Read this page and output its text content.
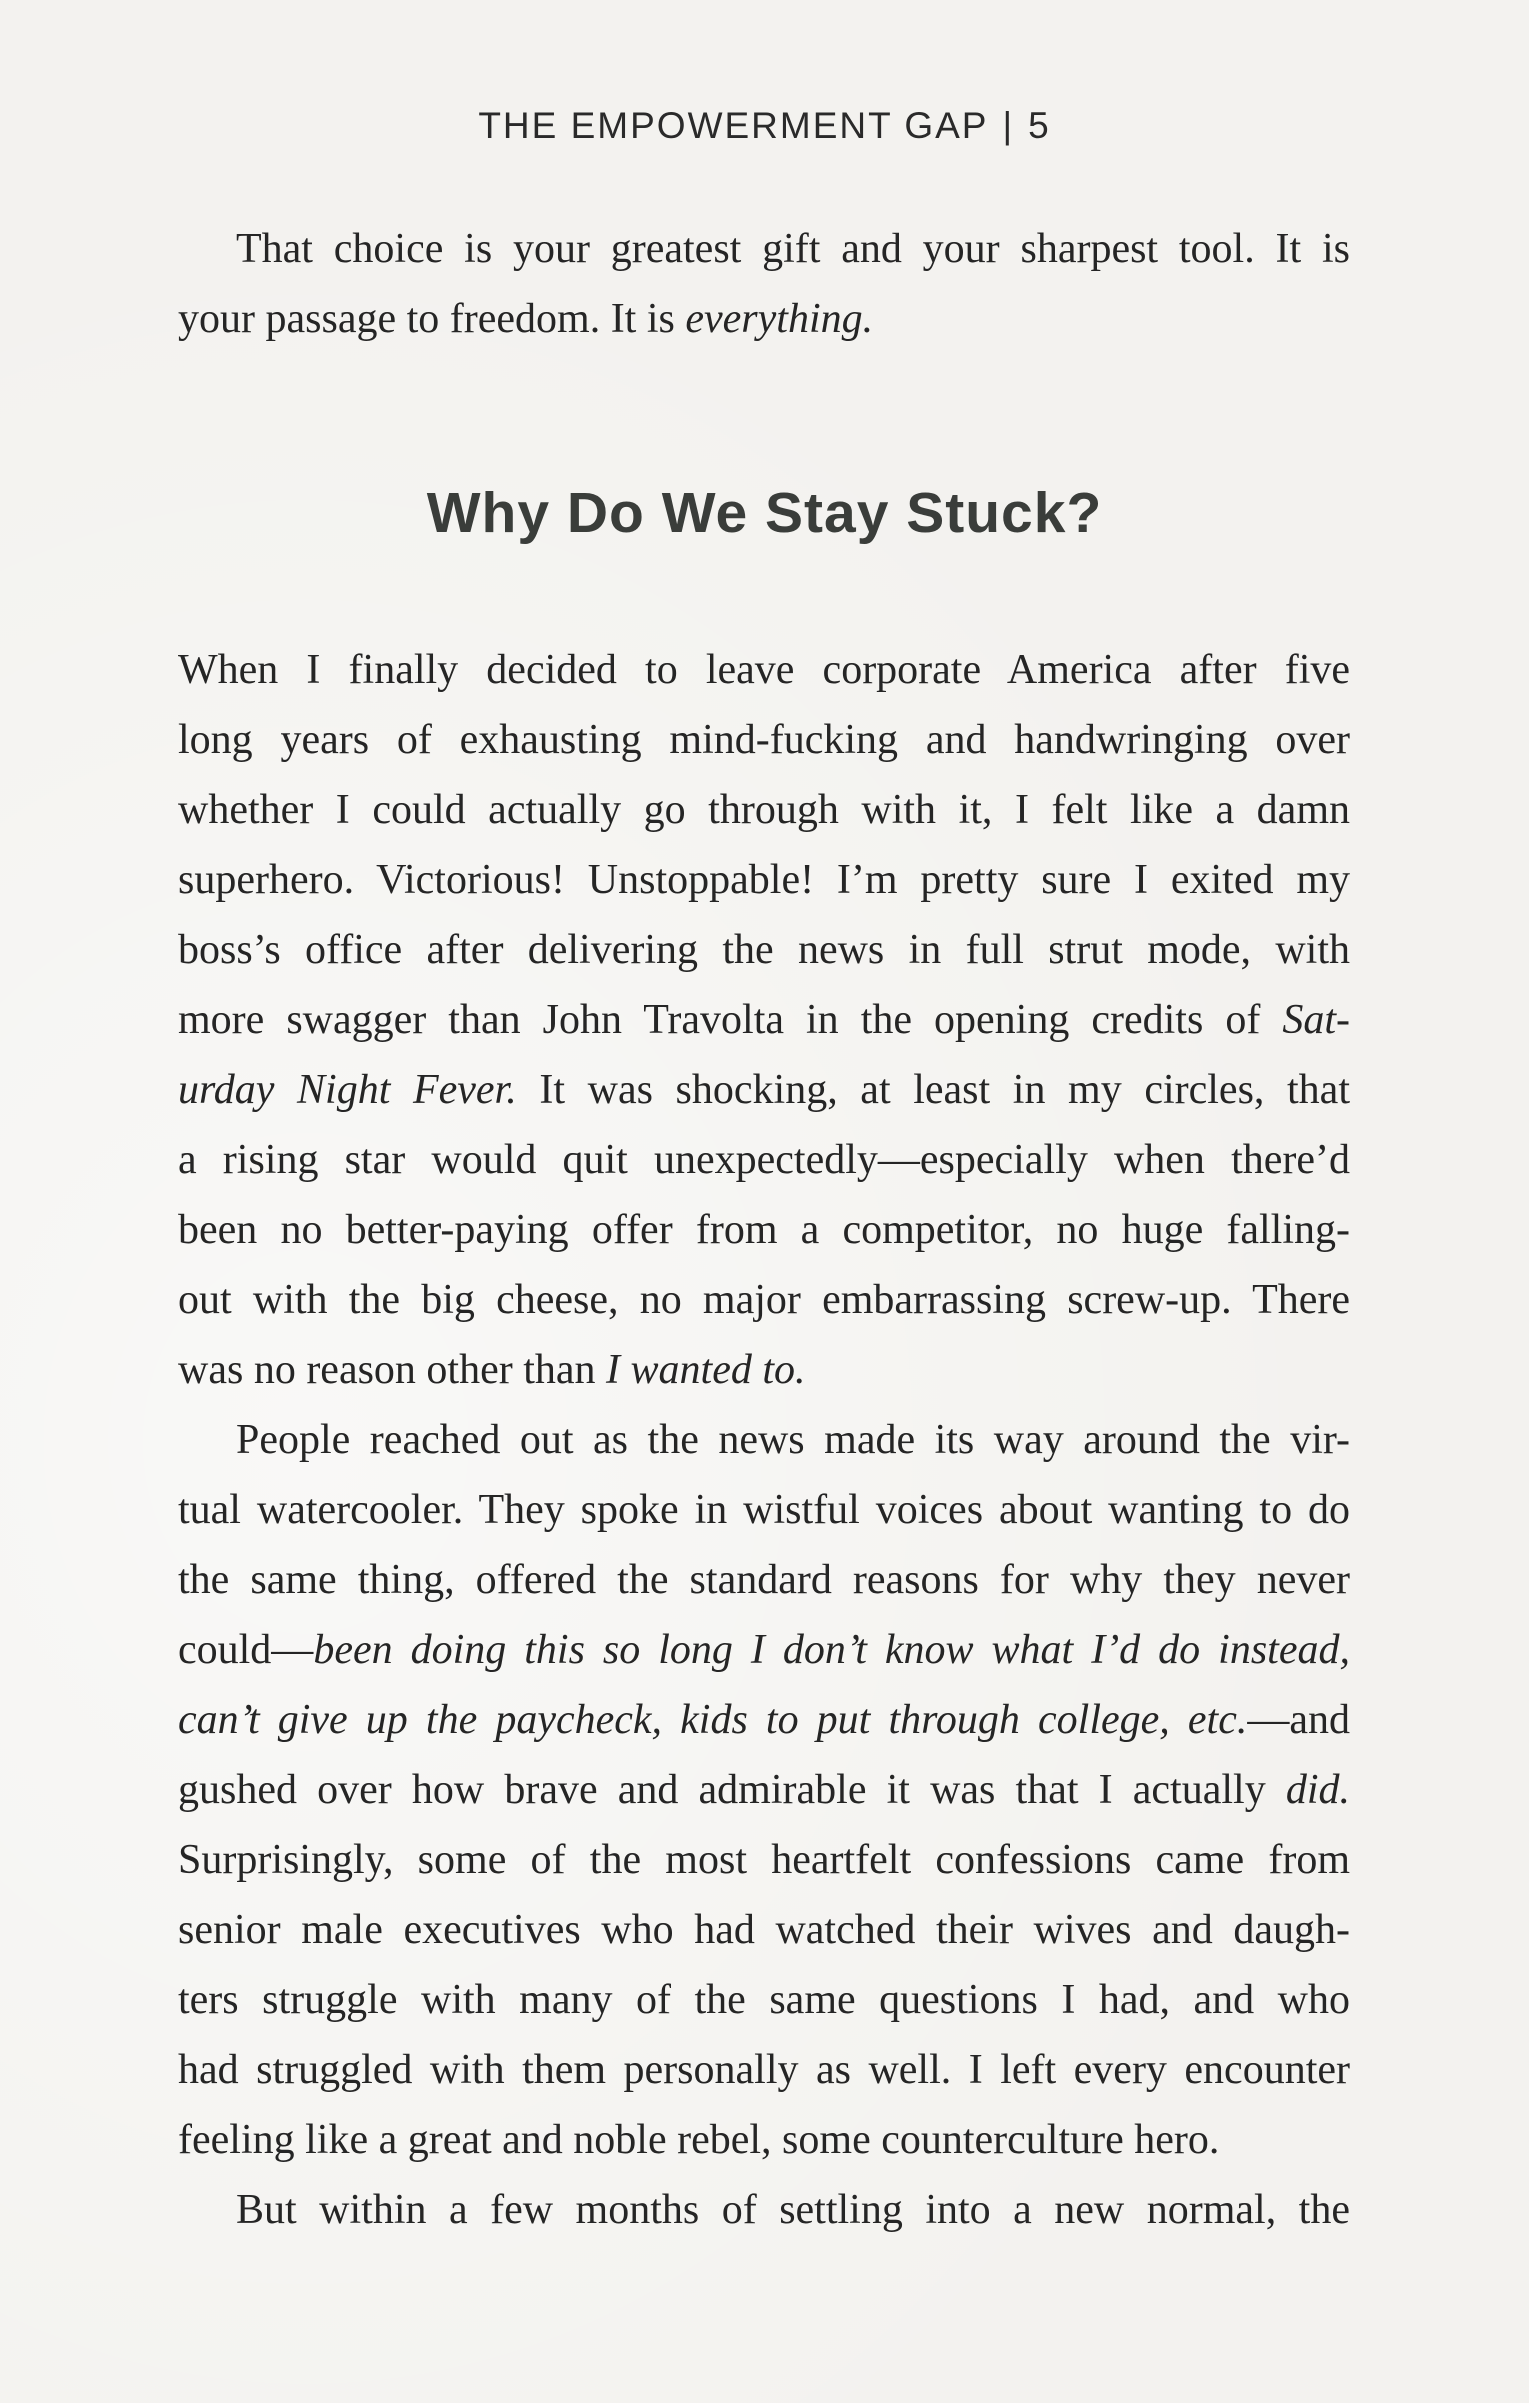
THE EMPOWERMENT GAP | 5
That choice is your greatest gift and your sharpest tool. It is
your passage to freedom. It is everything.
Why Do We Stay Stuck?
When I finally decided to leave corporate America after five
long years of exhausting mind-fucking and handwringing over
whether I could actually go through with it, I felt like a damn
superhero. Victorious! Unstoppable! I’m pretty sure I exited my
boss’s office after delivering the news in full strut mode, with
more swagger than John Travolta in the opening credits of Sat-
urday Night Fever. It was shocking, at least in my circles, that
a rising star would quit unexpectedly—especially when there’d
been no better-paying offer from a competitor, no huge falling-
out with the big cheese, no major embarrassing screw-up. There
was no reason other than I wanted to.
People reached out as the news made its way around the vir-
tual watercooler. They spoke in wistful voices about wanting to do
the same thing, offered the standard reasons for why they never
could—been doing this so long I don’t know what I’d do instead,
can’t give up the paycheck, kids to put through college, etc.—and
gushed over how brave and admirable it was that I actually did.
Surprisingly, some of the most heartfelt confessions came from
senior male executives who had watched their wives and daugh-
ters struggle with many of the same questions I had, and who
had struggled with them personally as well. I left every encounter
feeling like a great and noble rebel, some counterculture hero.
But within a few months of settling into a new normal, the
